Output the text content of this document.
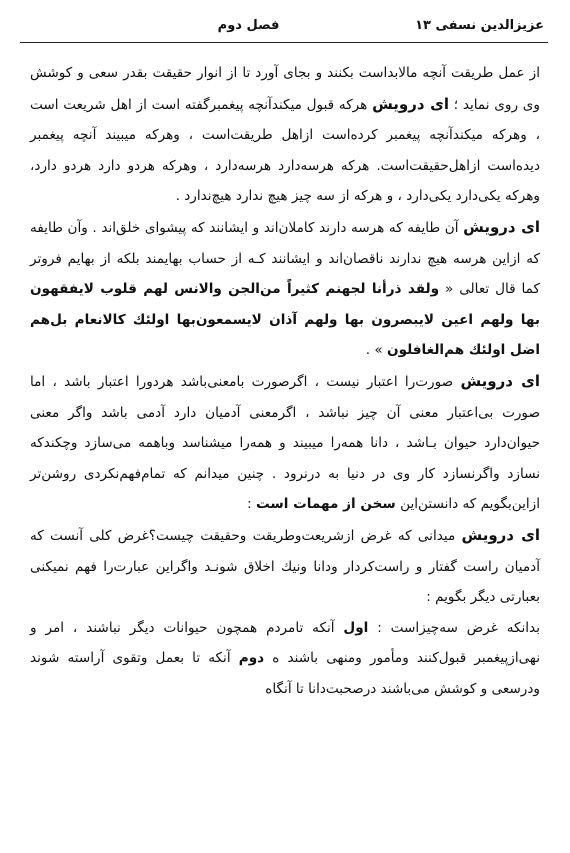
عزیزالدین نسفی ۱۳
فصل دوم

از عمل طریقت آنچه مالابداست بکنند و بجای آورد تا از انوار حقیقت بقدر سعی و کوشش وی روی نماید ؛ ای درویش هرکه قبول میکندآنچه پیغمبرگفته است از اهل شریعت است ، وهرکه میکندآنچه پیغمبر کرده‌است ازاهل طریقت‌است ، وهرکه میبیند آنچه پیغمبر دیده‌است ازاهل‌حقیقت‌است. هرکه هرسه‌دارد هرسه‌دارد ، وهرکه هردو دارد هردو دارد، وهرکه یکی‌دارد یکی‌دارد ، و هرکه از سه چیز هیچ ندارد هیچ‌ندارد .

ای درویش آن طایفه که هرسه دارند کاملان‌اند و ایشانند که پیشوای خلق‌اند . وآن طایفه که ازاین هرسه هیچ ندارند ناقصان‌اند و ایشانند کـه از حساب بهایمند بلکه از بهایم فروتر کما قال تعالی « ولقد ذرأنا لجهنم كثيراً من‌الجن والانس لهم قلوب لايفقهون بها ولهم اعين لايبصرون بها ولهم آذان لايسمعون‌بها اولئك كالانعام بل‌هم اضل اولئك هم‌الغافلون » .

ای درویش صورت‌را اعتبار نیست ، اگرصورت بامعنی‌باشد هردورا اعتبار باشد ، اما صورت بی‌اعتبار معنی آن چیز نباشد ، اگرمعنی آدمیان دارد آدمی باشد واگر معنی حیوان‌دارد حیوان بـاشد ، دانا همه‌را میبیند و همه‌را میشناسد وباهمه می‌سازد وچکندکه نسازد واگرنسازد کار وی در دنیا به درنرود . چنین میدانم که تمام‌فهم‌نکردی روشن‌تر ازاین‌بگویم که دانستن‌این سخن از مهمات است :

ای درویش میدانی که غرض ازشریعت‌وطریقت وحقیقت چیست؟غرض کلی آنست که آدمیان راست گفتار و راست‌کردار ودانا ونیك اخلاق شونـد واگراین عبارت‌را فهم نمیکنی بعبارتی دیگر بگویم :

بدانکه غرض سه‌چیزاست : اول آنکه تامردم همچون حیوانات دیگر نباشند ، امر و نهی‌ازپیغمبر قبول‌کنند ومأمور ومنهی باشند ه دوم آنکه تا بعمل وتقوی آراسته شوند ودرسعی و کوشش می‌باشند درصحبت‌دانا تا آنگاه
